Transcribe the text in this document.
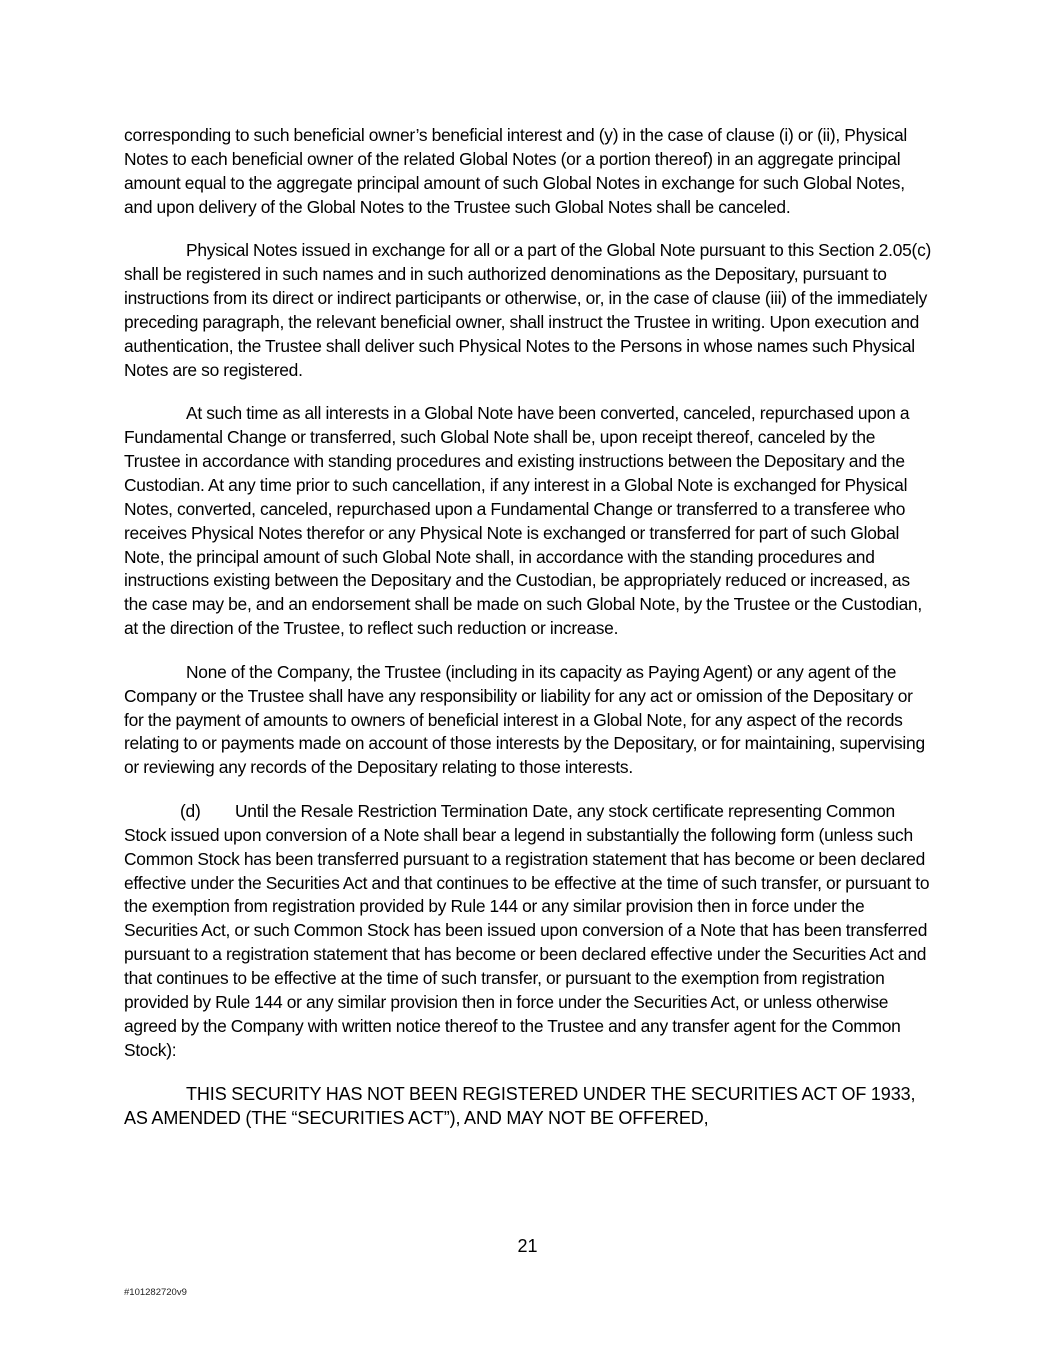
corresponding to such beneficial owner’s beneficial interest and (y) in the case of clause (i) or (ii), Physical Notes to each beneficial owner of the related Global Notes (or a portion thereof) in an aggregate principal amount equal to the aggregate principal amount of such Global Notes in exchange for such Global Notes, and upon delivery of the Global Notes to the Trustee such Global Notes shall be canceled.

Physical Notes issued in exchange for all or a part of the Global Note pursuant to this Section 2.05(c) shall be registered in such names and in such authorized denominations as the Depositary, pursuant to instructions from its direct or indirect participants or otherwise, or, in the case of clause (iii) of the immediately preceding paragraph, the relevant beneficial owner, shall instruct the Trustee in writing. Upon execution and authentication, the Trustee shall deliver such Physical Notes to the Persons in whose names such Physical Notes are so registered.

At such time as all interests in a Global Note have been converted, canceled, repurchased upon a Fundamental Change or transferred, such Global Note shall be, upon receipt thereof, canceled by the Trustee in accordance with standing procedures and existing instructions between the Depositary and the Custodian. At any time prior to such cancellation, if any interest in a Global Note is exchanged for Physical Notes, converted, canceled, repurchased upon a Fundamental Change or transferred to a transferee who receives Physical Notes therefor or any Physical Note is exchanged or transferred for part of such Global Note, the principal amount of such Global Note shall, in accordance with the standing procedures and instructions existing between the Depositary and the Custodian, be appropriately reduced or increased, as the case may be, and an endorsement shall be made on such Global Note, by the Trustee or the Custodian, at the direction of the Trustee, to reflect such reduction or increase.

None of the Company, the Trustee (including in its capacity as Paying Agent) or any agent of the Company or the Trustee shall have any responsibility or liability for any act or omission of the Depositary or for the payment of amounts to owners of beneficial interest in a Global Note, for any aspect of the records relating to or payments made on account of those interests by the Depositary, or for maintaining, supervising or reviewing any records of the Depositary relating to those interests.

(d) Until the Resale Restriction Termination Date, any stock certificate representing Common Stock issued upon conversion of a Note shall bear a legend in substantially the following form (unless such Common Stock has been transferred pursuant to a registration statement that has become or been declared effective under the Securities Act and that continues to be effective at the time of such transfer, or pursuant to the exemption from registration provided by Rule 144 or any similar provision then in force under the Securities Act, or such Common Stock has been issued upon conversion of a Note that has been transferred pursuant to a registration statement that has become or been declared effective under the Securities Act and that continues to be effective at the time of such transfer, or pursuant to the exemption from registration provided by Rule 144 or any similar provision then in force under the Securities Act, or unless otherwise agreed by the Company with written notice thereof to the Trustee and any transfer agent for the Common Stock):

THIS SECURITY HAS NOT BEEN REGISTERED UNDER THE SECURITIES ACT OF 1933, AS AMENDED (THE “SECURITIES ACT”), AND MAY NOT BE OFFERED,

21
#101282720v9
